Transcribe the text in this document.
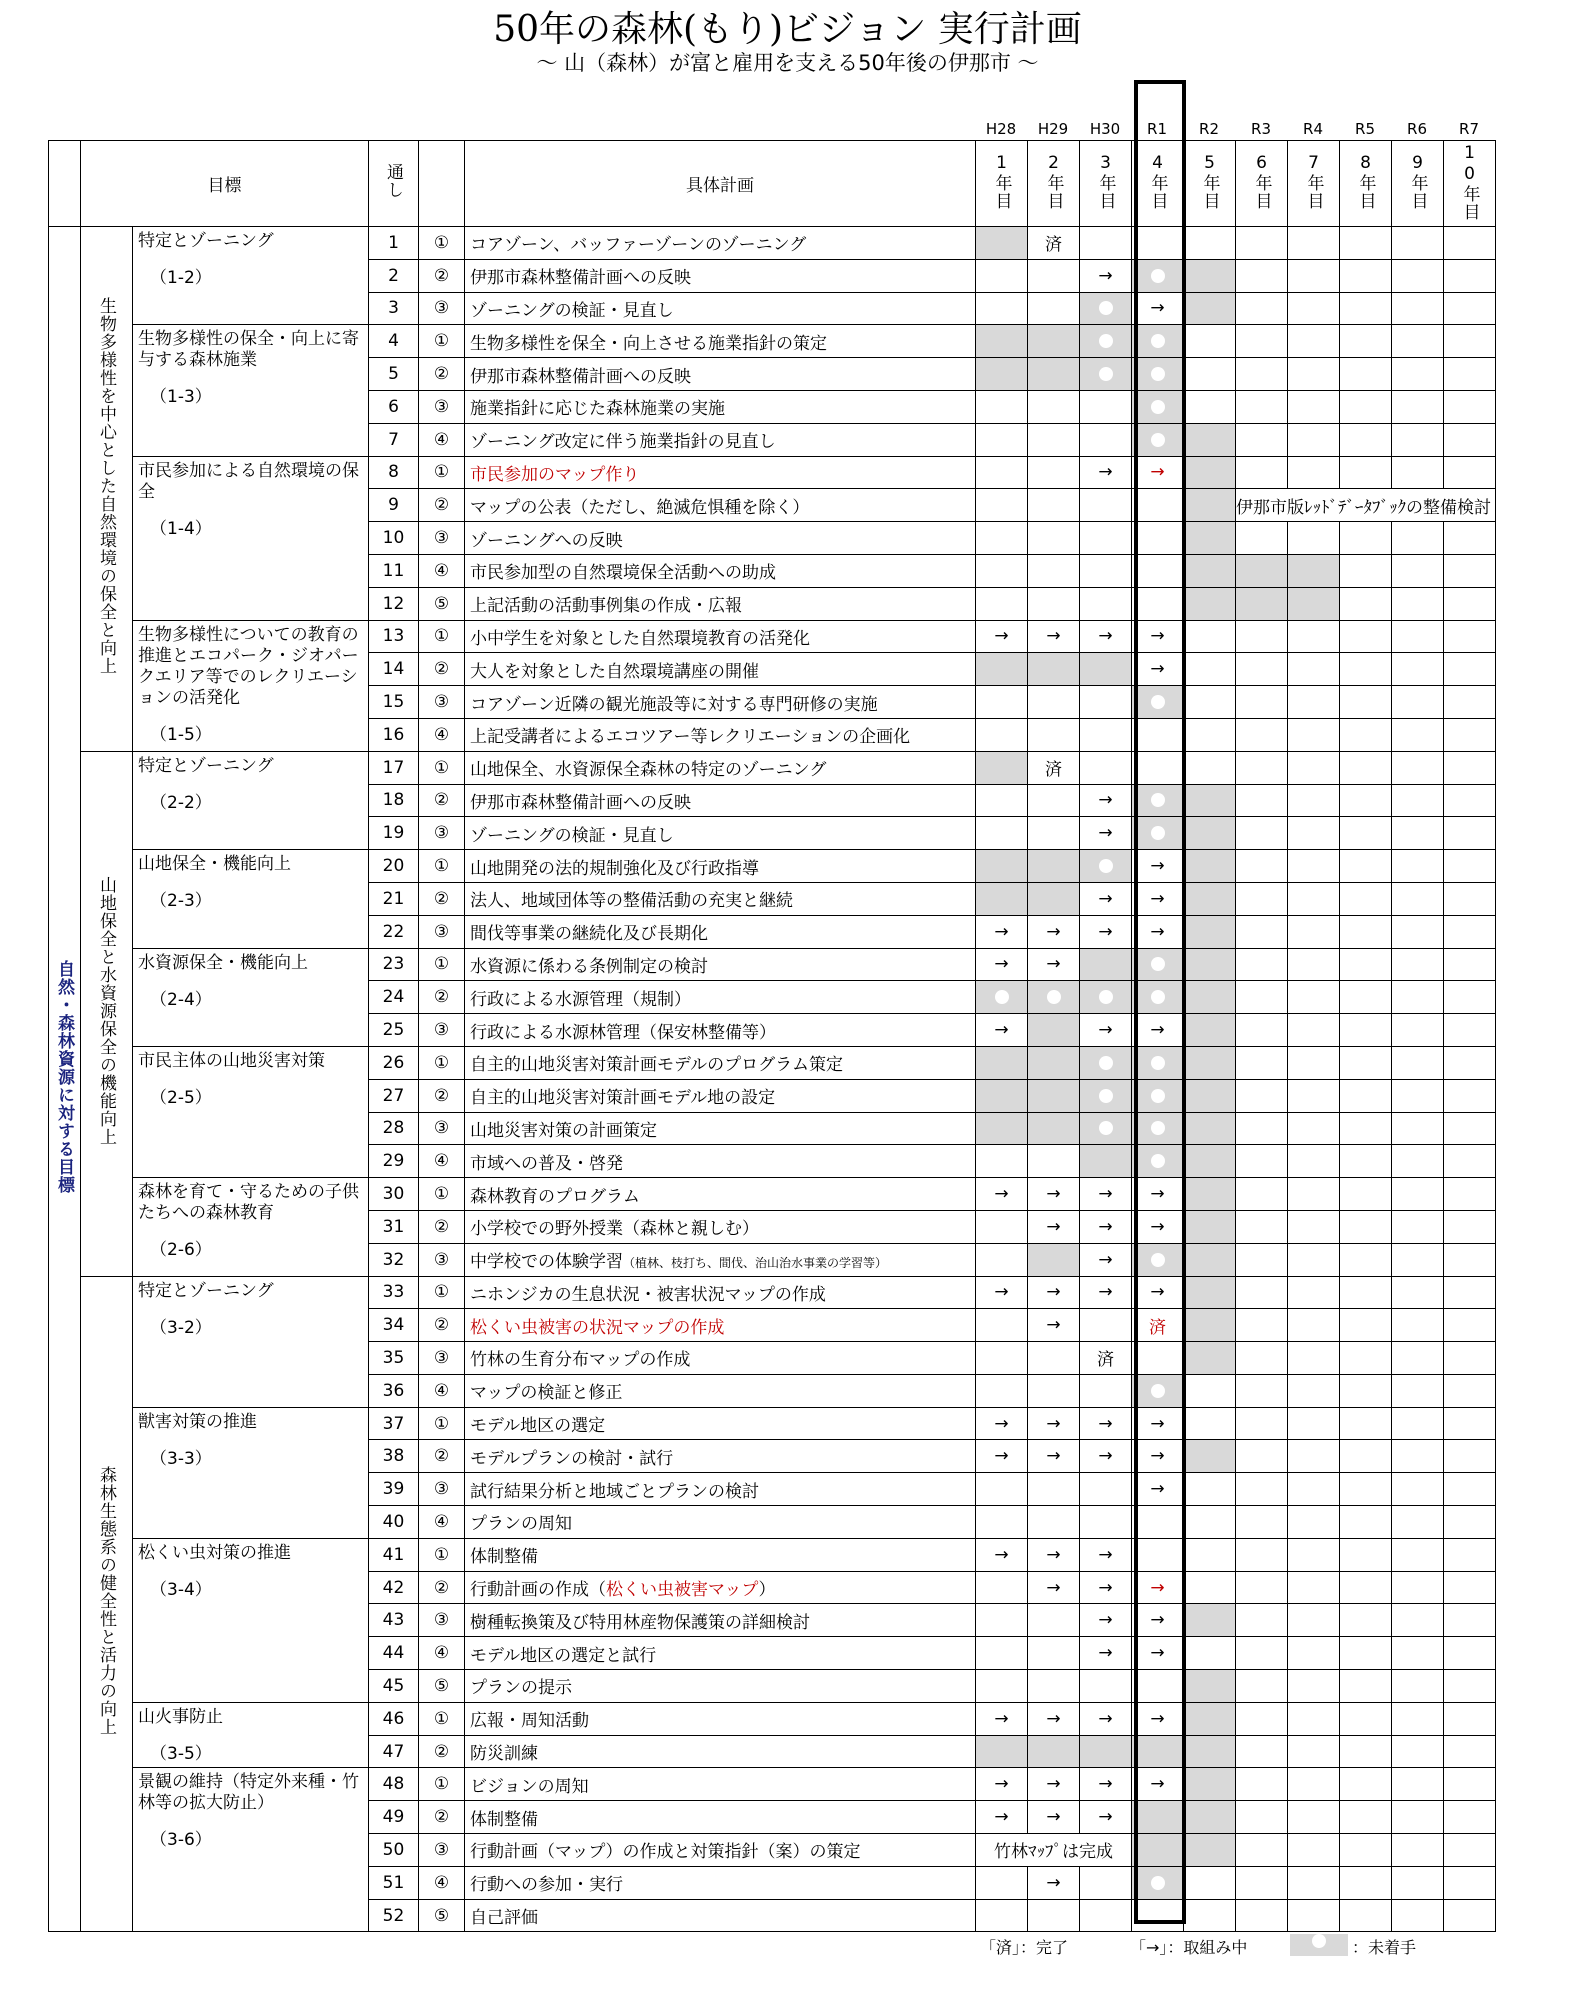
50年の森林(もり)ビジョン 実行計画
～ 山（森林）が富と雇用を支える50年後の伊那市 ～
H28	H29	H30	R1	R2	R3	R4	R5	R6	R7
	目標		通し		具体計画	1年目	2年目	3年目	4年目	5年目	6年目	7年目	8年目	9年目	10年目
自然・森林資源に対する目標	生物多様性を中心とした自然環境の保全と向上	特定とゾーニング
（1-2）	1	①	コアゾーン、バッファーゾーンのゾーニング		済								
			2	②	伊那市森林整備計画への反映			→							
			3	③	ゾーニングの検証・見直し				→						
		生物多様性の保全・向上に寄与する森林施業
（1-3）	4	①	生物多様性を保全・向上させる施業指針の策定										
			5	②	伊那市森林整備計画への反映										
			6	③	施業指針に応じた森林施業の実施										
			7	④	ゾーニング改定に伴う施業指針の見直し										
		市民参加による自然環境の保全
（1-4）	8	①	市民参加のマップ作り			→	→						
			9	②	マップの公表（ただし、絶滅危惧種を除く）						伊那市版ﾚｯﾄﾞﾃﾞｰﾀﾌﾞｯｸの整備検討				
			10	③	ゾーニングへの反映										
			11	④	市民参加型の自然環境保全活動への助成										
			12	⑤	上記活動の活動事例集の作成・広報										
		生物多様性についての教育の推進とエコパーク・ジオパークエリア等でのレクリエーションの活発化
（1-5）	13	①	小中学生を対象とした自然環境教育の活発化	→	→	→	→						
			14	②	大人を対象とした自然環境講座の開催				→						
			15	③	コアゾーン近隣の観光施設等に対する専門研修の実施										
			16	④	上記受講者によるエコツアー等レクリエーションの企画化										
	山地保全と水資源保全の機能向上	特定とゾーニング
（2-2）	17	①	山地保全、水資源保全森林の特定のゾーニング		済								
			18	②	伊那市森林整備計画への反映			→							
			19	③	ゾーニングの検証・見直し			→							
		山地保全・機能向上
（2-3）	20	①	山地開発の法的規制強化及び行政指導				→						
			21	②	法人、地域団体等の整備活動の充実と継続			→	→						
			22	③	間伐等事業の継続化及び長期化	→	→	→	→						
		水資源保全・機能向上
（2-4）	23	①	水資源に係わる条例制定の検討	→	→								
			24	②	行政による水源管理（規制）										
			25	③	行政による水源林管理（保安林整備等）	→		→	→						
		市民主体の山地災害対策
（2-5）	26	①	自主的山地災害対策計画モデルのプログラム策定										
			27	②	自主的山地災害対策計画モデル地の設定										
			28	③	山地災害対策の計画策定										
			29	④	市域への普及・啓発										
		森林を育て・守るための子供たちへの森林教育
（2-6）	30	①	森林教育のプログラム	→	→	→	→						
			31	②	小学校での野外授業（森林と親しむ）		→	→	→						
			32	③	中学校での体験学習（植林、枝打ち、間伐、治山治水事業の学習等）			→							
	森林生態系の健全性と活力の向上	特定とゾーニング
（3-2）	33	①	ニホンジカの生息状況・被害状況マップの作成	→	→	→	→						
			34	②	松くい虫被害の状況マップの作成		→		済						
			35	③	竹林の生育分布マップの作成			済							
			36	④	マップの検証と修正										
		獣害対策の推進
（3-3）	37	①	モデル地区の選定	→	→	→	→						
			38	②	モデルプランの検討・試行	→	→	→	→						
			39	③	試行結果分析と地域ごとプランの検討				→						
			40	④	プランの周知										
		松くい虫対策の推進
（3-4）	41	①	体制整備	→	→	→							
			42	②	行動計画の作成（松くい虫被害マップ）		→	→	→						
			43	③	樹種転換策及び特用林産物保護策の詳細検討			→	→						
			44	④	モデル地区の選定と試行			→	→						
			45	⑤	プランの提示										
		山火事防止
（3-5）	46	①	広報・周知活動	→	→	→	→						
			47	②	防災訓練										
		景観の維持（特定外来種・竹林等の拡大防止）
（3-6）	48	①	ビジョンの周知	→	→	→	→						
			49	②	体制整備	→	→	→							
			50	③	行動計画（マップ）の作成と対策指針（案）の策定	竹林ﾏｯﾌﾟは完成									
			51	④	行動への参加・実行		→								
			52	⑤	自己評価										
「済」：完了	「→」：取組み中	：未着手
